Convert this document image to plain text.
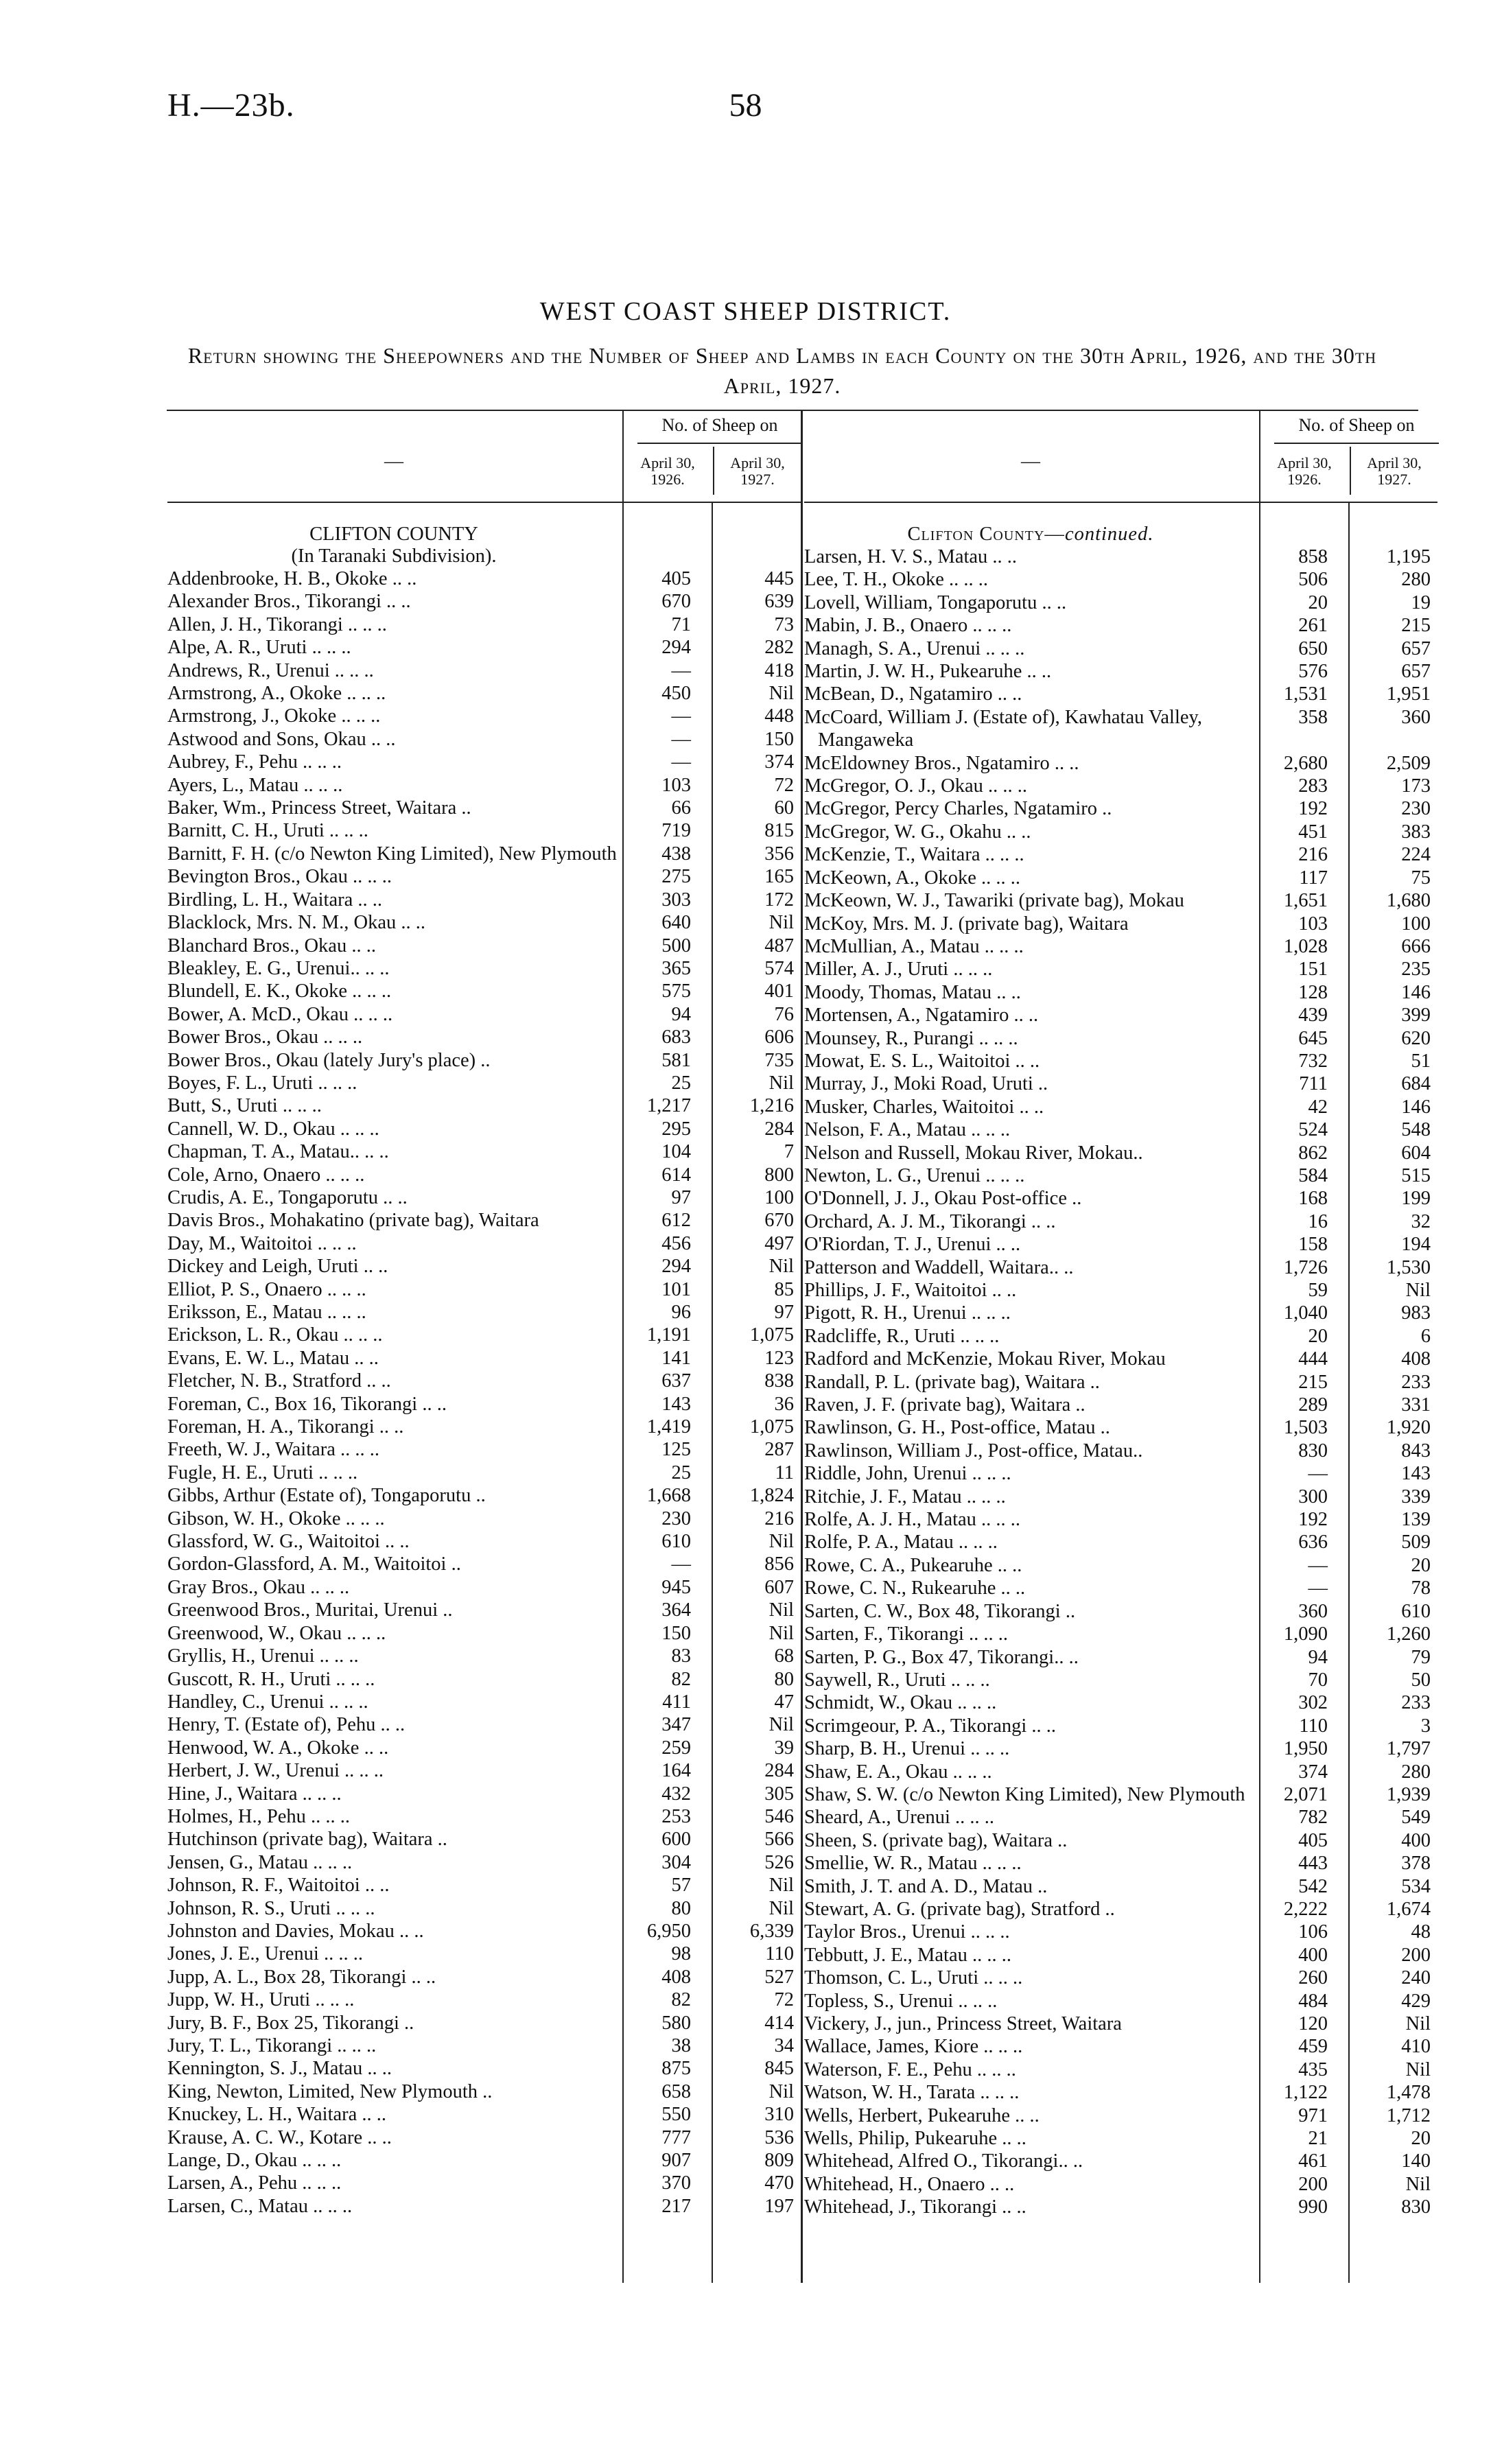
H.—23b.	58
WEST COAST SHEEP DISTRICT.
Return showing the Sheepowners and the Number of Sheep and Lambs in each County on the 30th April, 1926, and the 30th April, 1927.
—
No. of Sheep on
April 30, 1926.
April 30, 1927.
CLIFTON COUNTY
(In Taranaki Subdivision).
Addenbrooke, H. B., Okoke .. ..	405	445
Alexander Bros., Tikorangi .. ..	670	639
Allen, J. H., Tikorangi .. .. ..	71	73
Alpe, A. R., Uruti .. .. ..	294	282
Andrews, R., Urenui .. .. ..	—	418
Armstrong, A., Okoke .. .. ..	450	Nil
Armstrong, J., Okoke .. .. ..	—	448
Astwood and Sons, Okau .. ..	—	150
Aubrey, F., Pehu .. .. ..	—	374
Ayers, L., Matau .. .. ..	103	72
Baker, Wm., Princess Street, Waitara ..	66	60
Barnitt, C. H., Uruti .. .. ..	719	815
Barnitt, F. H. (c/o Newton King Limited), New Plymouth	438	356
Bevington Bros., Okau .. .. ..	275	165
Birdling, L. H., Waitara .. ..	303	172
Blacklock, Mrs. N. M., Okau .. ..	640	Nil
Blanchard Bros., Okau .. ..	500	487
Bleakley, E. G., Urenui.. .. ..	365	574
Blundell, E. K., Okoke .. .. ..	575	401
Bower, A. McD., Okau .. .. ..	94	76
Bower Bros., Okau .. .. ..	683	606
Bower Bros., Okau (lately Jury's place) ..	581	735
Boyes, F. L., Uruti .. .. ..	25	Nil
Butt, S., Uruti .. .. ..	1,217	1,216
Cannell, W. D., Okau .. .. ..	295	284
Chapman, T. A., Matau.. .. ..	104	7
Cole, Arno, Onaero .. .. ..	614	800
Crudis, A. E., Tongaporutu .. ..	97	100
Davis Bros., Mohakatino (private bag), Waitara	612	670
Day, M., Waitoitoi .. .. ..	456	497
Dickey and Leigh, Uruti .. ..	294	Nil
Elliot, P. S., Onaero .. .. ..	101	85
Eriksson, E., Matau .. .. ..	96	97
Erickson, L. R., Okau .. .. ..	1,191	1,075
Evans, E. W. L., Matau .. ..	141	123
Fletcher, N. B., Stratford .. ..	637	838
Foreman, C., Box 16, Tikorangi .. ..	143	36
Foreman, H. A., Tikorangi .. ..	1,419	1,075
Freeth, W. J., Waitara .. .. ..	125	287
Fugle, H. E., Uruti .. .. ..	25	11
Gibbs, Arthur (Estate of), Tongaporutu ..	1,668	1,824
Gibson, W. H., Okoke .. .. ..	230	216
Glassford, W. G., Waitoitoi .. ..	610	Nil
Gordon-Glassford, A. M., Waitoitoi ..	—	856
Gray Bros., Okau .. .. ..	945	607
Greenwood Bros., Muritai, Urenui ..	364	Nil
Greenwood, W., Okau .. .. ..	150	Nil
Gryllis, H., Urenui .. .. ..	83	68
Guscott, R. H., Uruti .. .. ..	82	80
Handley, C., Urenui .. .. ..	411	47
Henry, T. (Estate of), Pehu .. ..	347	Nil
Henwood, W. A., Okoke .. ..	259	39
Herbert, J. W., Urenui .. .. ..	164	284
Hine, J., Waitara .. .. ..	432	305
Holmes, H., Pehu .. .. ..	253	546
Hutchinson (private bag), Waitara ..	600	566
Jensen, G., Matau .. .. ..	304	526
Johnson, R. F., Waitoitoi .. ..	57	Nil
Johnson, R. S., Uruti .. .. ..	80	Nil
Johnston and Davies, Mokau .. ..	6,950	6,339
Jones, J. E., Urenui .. .. ..	98	110
Jupp, A. L., Box 28, Tikorangi .. ..	408	527
Jupp, W. H., Uruti .. .. ..	82	72
Jury, B. F., Box 25, Tikorangi ..	580	414
Jury, T. L., Tikorangi .. .. ..	38	34
Kennington, S. J., Matau .. ..	875	845
King, Newton, Limited, New Plymouth ..	658	Nil
Knuckey, L. H., Waitara .. ..	550	310
Krause, A. C. W., Kotare .. ..	777	536
Lange, D., Okau .. .. ..	907	809
Larsen, A., Pehu .. .. ..	370	470
Larsen, C., Matau .. .. ..	217	197
—
No. of Sheep on
April 30, 1926.
April 30, 1927.
Clifton County—continued.
Larsen, H. V. S., Matau .. ..	858	1,195
Lee, T. H., Okoke .. .. ..	506	280
Lovell, William, Tongaporutu .. ..	20	19
Mabin, J. B., Onaero .. .. ..	261	215
Managh, S. A., Urenui .. .. ..	650	657
Martin, J. W. H., Pukearuhe .. ..	576	657
McBean, D., Ngatamiro .. ..	1,531	1,951
McCoard, William J. (Estate of), Kawhatau Valley, Mangaweka
358	360
McEldowney Bros., Ngatamiro .. ..	2,680	2,509
McGregor, O. J., Okau .. .. ..	283	173
McGregor, Percy Charles, Ngatamiro ..	192	230
McGregor, W. G., Okahu .. ..	451	383
McKenzie, T., Waitara .. .. ..	216	224
McKeown, A., Okoke .. .. ..	117	75
McKeown, W. J., Tawariki (private bag), Mokau	1,651	1,680
McKoy, Mrs. M. J. (private bag), Waitara	103	100
McMullian, A., Matau .. .. ..	1,028	666
Miller, A. J., Uruti .. .. ..	151	235
Moody, Thomas, Matau .. ..	128	146
Mortensen, A., Ngatamiro .. ..	439	399
Mounsey, R., Purangi .. .. ..	645	620
Mowat, E. S. L., Waitoitoi .. ..	732	51
Murray, J., Moki Road, Uruti ..	711	684
Musker, Charles, Waitoitoi .. ..	42	146
Nelson, F. A., Matau .. .. ..	524	548
Nelson and Russell, Mokau River, Mokau..	862	604
Newton, L. G., Urenui .. .. ..	584	515
O'Donnell, J. J., Okau Post-office ..	168	199
Orchard, A. J. M., Tikorangi .. ..	16	32
O'Riordan, T. J., Urenui .. ..	158	194
Patterson and Waddell, Waitara.. ..	1,726	1,530
Phillips, J. F., Waitoitoi .. ..	59	Nil
Pigott, R. H., Urenui .. .. ..	1,040	983
Radcliffe, R., Uruti .. .. ..	20	6
Radford and McKenzie, Mokau River, Mokau	444	408
Randall, P. L. (private bag), Waitara ..	215	233
Raven, J. F. (private bag), Waitara ..	289	331
Rawlinson, G. H., Post-office, Matau ..	1,503	1,920
Rawlinson, William J., Post-office, Matau..	830	843
Riddle, John, Urenui .. .. ..	—	143
Ritchie, J. F., Matau .. .. ..	300	339
Rolfe, A. J. H., Matau .. .. ..	192	139
Rolfe, P. A., Matau .. .. ..	636	509
Rowe, C. A., Pukearuhe .. ..	—	20
Rowe, C. N., Rukearuhe .. ..	—	78
Sarten, C. W., Box 48, Tikorangi ..	360	610
Sarten, F., Tikorangi .. .. ..	1,090	1,260
Sarten, P. G., Box 47, Tikorangi.. ..	94	79
Saywell, R., Uruti .. .. ..	70	50
Schmidt, W., Okau .. .. ..	302	233
Scrimgeour, P. A., Tikorangi .. ..	110	3
Sharp, B. H., Urenui .. .. ..	1,950	1,797
Shaw, E. A., Okau .. .. ..	374	280
Shaw, S. W. (c/o Newton King Limited), New Plymouth	2,071	1,939
Sheard, A., Urenui .. .. ..	782	549
Sheen, S. (private bag), Waitara ..	405	400
Smellie, W. R., Matau .. .. ..	443	378
Smith, J. T. and A. D., Matau ..	542	534
Stewart, A. G. (private bag), Stratford ..	2,222	1,674
Taylor Bros., Urenui .. .. ..	106	48
Tebbutt, J. E., Matau .. .. ..	400	200
Thomson, C. L., Uruti .. .. ..	260	240
Topless, S., Urenui .. .. ..	484	429
Vickery, J., jun., Princess Street, Waitara	120	Nil
Wallace, James, Kiore .. .. ..	459	410
Waterson, F. E., Pehu .. .. ..	435	Nil
Watson, W. H., Tarata .. .. ..	1,122	1,478
Wells, Herbert, Pukearuhe .. ..	971	1,712
Wells, Philip, Pukearuhe .. ..	21	20
Whitehead, Alfred O., Tikorangi.. ..	461	140
Whitehead, H., Onaero .. ..	200	Nil
Whitehead, J., Tikorangi .. ..	990	830
